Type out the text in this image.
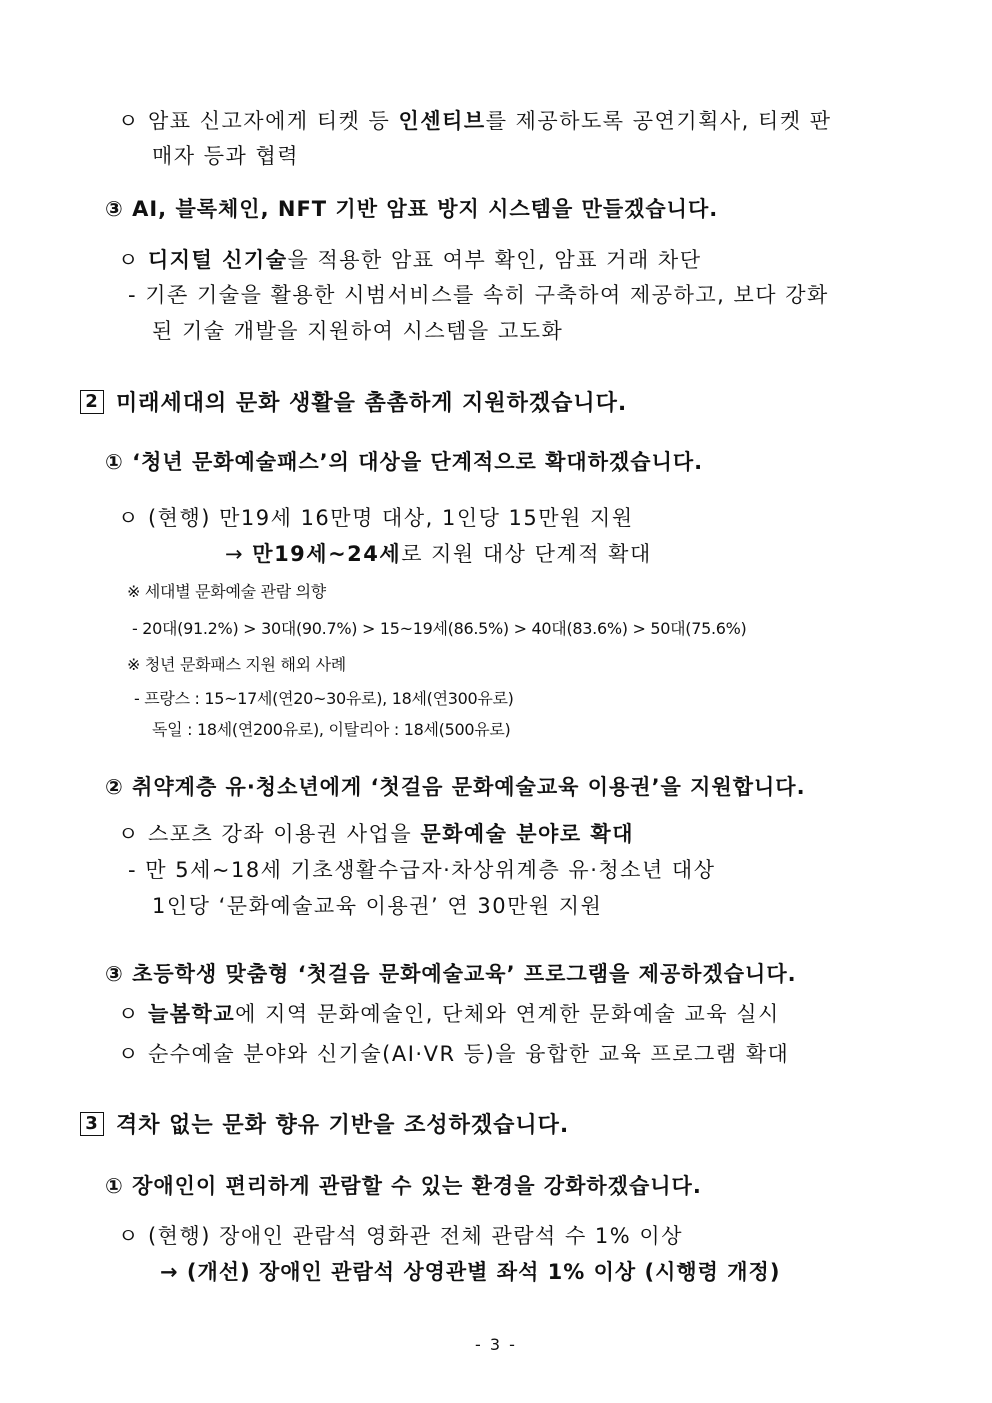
ㅇ 암표 신고자에게 티켓 등 인센티브를 제공하도록 공연기획사, 티켓 판

매자 등과 협력

③ AI, 블록체인, NFT 기반 암표 방지 시스템을 만들겠습니다.

ㅇ 디지털 신기술을 적용한 암표 여부 확인, 암표 거래 차단

- 기존 기술을 활용한 시범서비스를 속히 구축하여 제공하고, 보다 강화

된 기술 개발을 지원하여 시스템을 고도화

2 미래세대의 문화 생활을 촘촘하게 지원하겠습니다.

① ‘청년 문화예술패스’의 대상을 단계적으로 확대하겠습니다.

ㅇ (현행) 만19세 16만명 대상, 1인당 15만원 지원

→ 만19세~24세로 지원 대상 단계적 확대

※ 세대별 문화예술 관람 의향

- 20대(91.2%) > 30대(90.7%) > 15~19세(86.5%) > 40대(83.6%) > 50대(75.6%)

※ 청년 문화패스 지원 해외 사례

- 프랑스 : 15~17세(연20~30유로), 18세(연300유로)

독일 : 18세(연200유로), 이탈리아 : 18세(500유로)

② 취약계층 유·청소년에게 ‘첫걸음 문화예술교육 이용권’을 지원합니다.

ㅇ 스포츠 강좌 이용권 사업을 문화예술 분야로 확대

- 만 5세~18세 기초생활수급자·차상위계층 유·청소년 대상

1인당 ‘문화예술교육 이용권’ 연 30만원 지원

③ 초등학생 맞춤형 ‘첫걸음 문화예술교육’ 프로그램을 제공하겠습니다.

ㅇ 늘봄학교에 지역 문화예술인, 단체와 연계한 문화예술 교육 실시

ㅇ 순수예술 분야와 신기술(AI·VR 등)을 융합한 교육 프로그램 확대

3 격차 없는 문화 향유 기반을 조성하겠습니다.

① 장애인이 편리하게 관람할 수 있는 환경을 강화하겠습니다.

ㅇ (현행) 장애인 관람석 영화관 전체 관람석 수 1% 이상

→ (개선) 장애인 관람석 상영관별 좌석 1% 이상 (시행령 개정)

- 3 -
